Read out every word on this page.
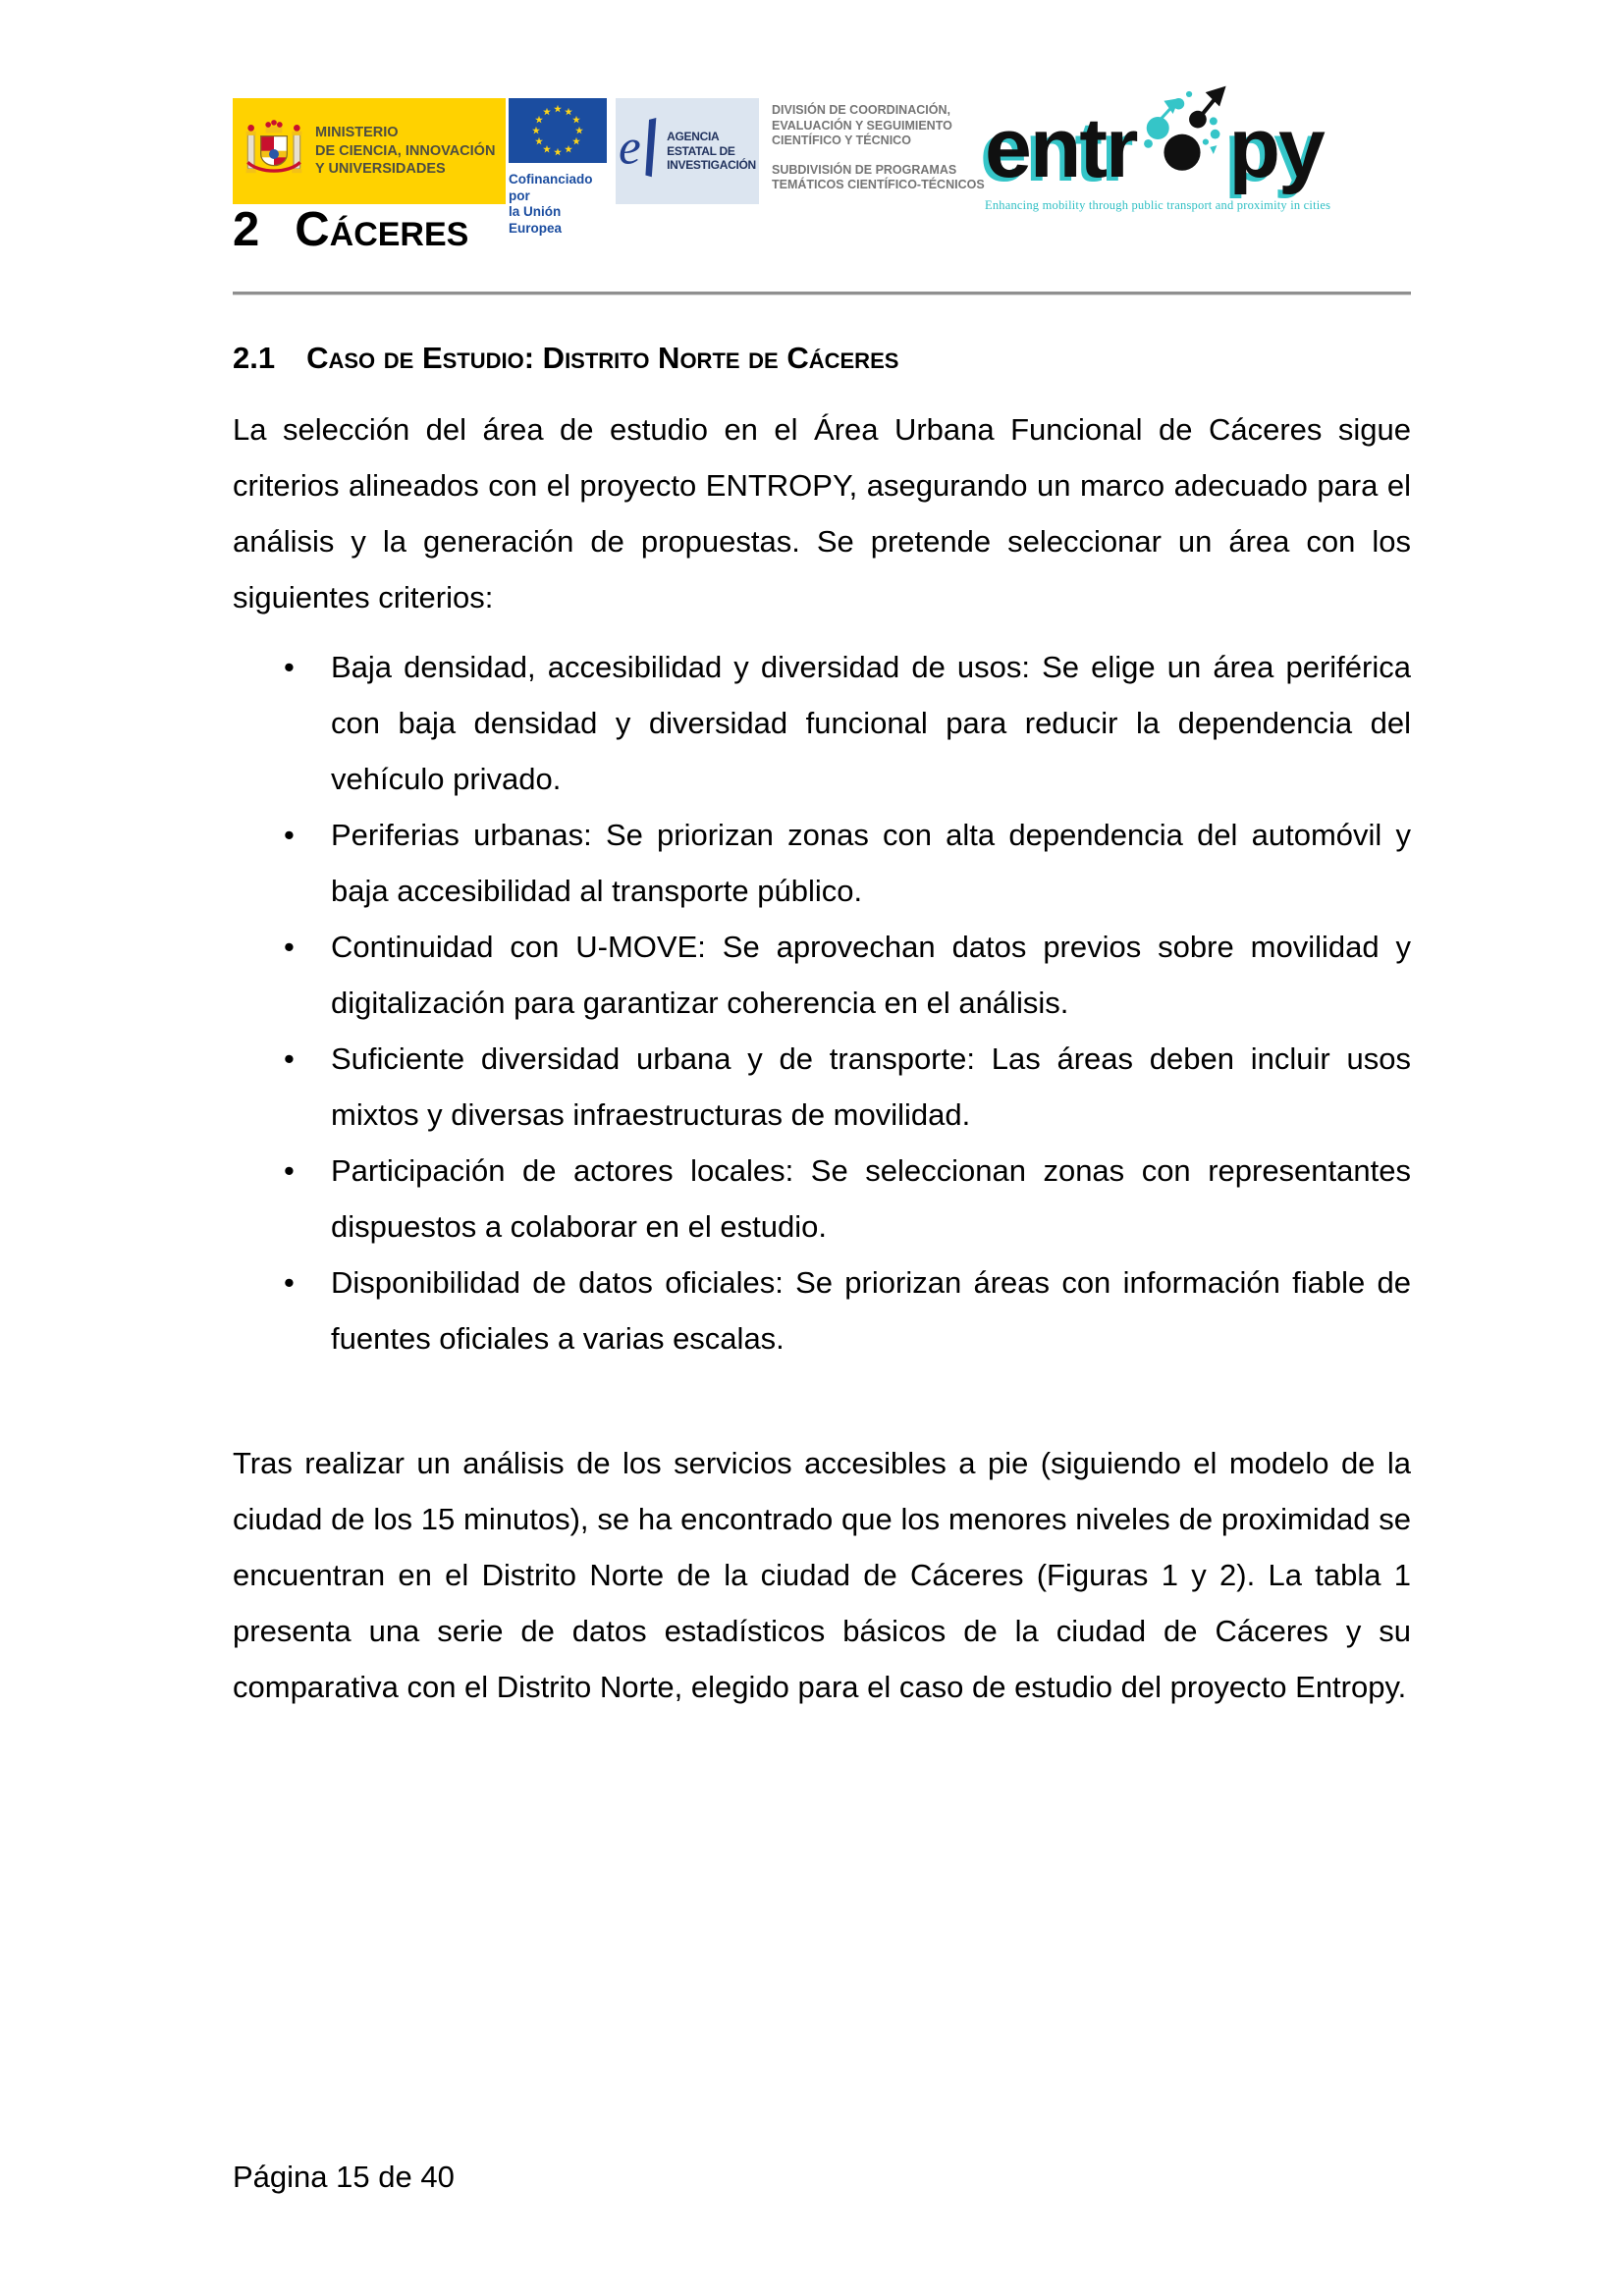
MINISTERIO
DE CIENCIA, INNOVACIÓN
Y UNIVERSIDADES
Cofinanciado por
la Unión Europea
e AGENCIA
ESTATAL DE
INVESTIGACIÓN
DIVISIÓN DE COORDINACIÓN,
EVALUACIÓN Y SEGUIMIENTO
CIENTÍFICO Y TÉCNICO
SUBDIVISIÓN DE PROGRAMAS
TEMÁTICOS CIENTÍFICO-TÉCNICOS entr py
Enhancing mobility through public transport and proximity in cities
2 Cáceres
2.1 Caso de Estudio: Distrito Norte de Cáceres

La selección del área de estudio en el Área Urbana Funcional de Cáceres sigue criterios alineados con el proyecto ENTROPY, asegurando un marco adecuado para el análisis y la generación de propuestas. Se pretende seleccionar un área con los siguientes criterios:

• Baja densidad, accesibilidad y diversidad de usos: Se elige un área periférica con baja densidad y diversidad funcional para reducir la dependencia del vehículo privado.
• Periferias urbanas: Se priorizan zonas con alta dependencia del automóvil y baja accesibilidad al transporte público.
• Continuidad con U-MOVE: Se aprovechan datos previos sobre movilidad y digitalización para garantizar coherencia en el análisis.
• Suficiente diversidad urbana y de transporte: Las áreas deben incluir usos mixtos y diversas infraestructuras de movilidad.
• Participación de actores locales: Se seleccionan zonas con representantes dispuestos a colaborar en el estudio.
• Disponibilidad de datos oficiales: Se priorizan áreas con información fiable de fuentes oficiales a varias escalas.

Tras realizar un análisis de los servicios accesibles a pie (siguiendo el modelo de la ciudad de los 15 minutos), se ha encontrado que los menores niveles de proximidad se encuentran en el Distrito Norte de la ciudad de Cáceres (Figuras 1 y 2). La tabla 1 presenta una serie de datos estadísticos básicos de la ciudad de Cáceres y su comparativa con el Distrito Norte, elegido para el caso de estudio del proyecto Entropy.

Página 15 de 40
